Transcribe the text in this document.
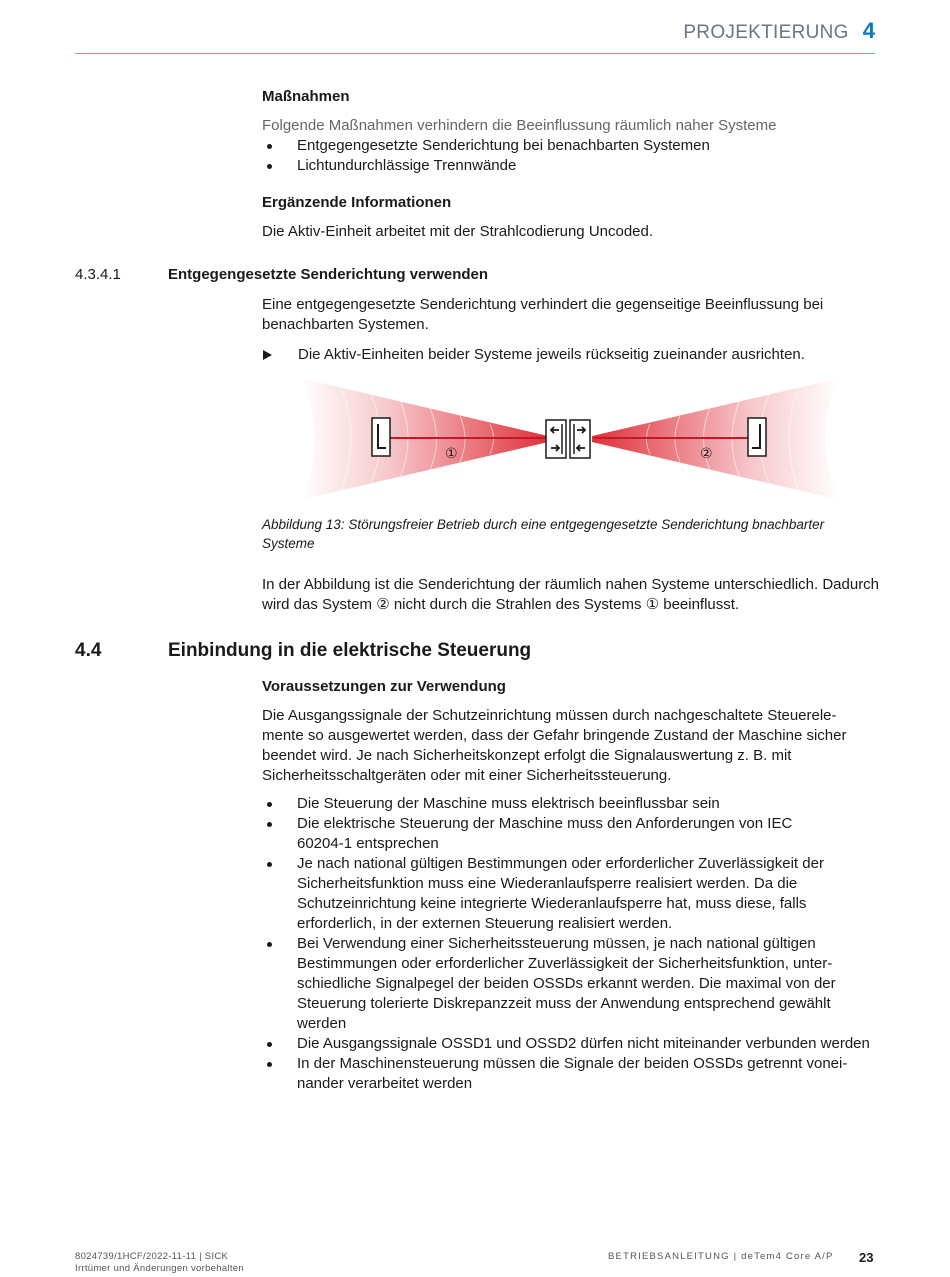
PROJEKTIERUNG 4
Maßnahmen
Folgende Maßnahmen verhindern die Beeinflussung räumlich naher Systeme
Entgegengesetzte Senderichtung bei benachbarten Systemen
Lichtundurchlässige Trennwände
Ergänzende Informationen
Die Aktiv-Einheit arbeitet mit der Strahlcodierung Uncoded.
4.3.4.1	Entgegengesetzte Senderichtung verwenden
Eine entgegengesetzte Senderichtung verhindert die gegenseitige Beeinflussung bei benachbarten Systemen.
Die Aktiv-Einheiten beider Systeme jeweils rückseitig zueinander ausrichten.
①	②
Abbildung 13: Störungsfreier Betrieb durch eine entgegengesetzte Senderichtung bnachbarter Systeme
In der Abbildung ist die Senderichtung der räumlich nahen Systeme unterschiedlich. Dadurch wird das System ② nicht durch die Strahlen des Systems ① beeinflusst.
4.4	Einbindung in die elektrische Steuerung
Voraussetzungen zur Verwendung
Die Ausgangssignale der Schutzeinrichtung müssen durch nachgeschaltete Steuerelemente so ausgewertet werden, dass der Gefahr bringende Zustand der Maschine sicher beendet wird. Je nach Sicherheitskonzept erfolgt die Signalauswertung z. B. mit Sicherheitsschaltgeräten oder mit einer Sicherheitssteuerung.
Die Steuerung der Maschine muss elektrisch beeinflussbar sein
Die elektrische Steuerung der Maschine muss den Anforderungen von IEC 60204-1 entsprechen
Je nach national gültigen Bestimmungen oder erforderlicher Zuverlässigkeit der Sicherheitsfunktion muss eine Wiederanlaufsperre realisiert werden. Da die Schutzeinrichtung keine integrierte Wiederanlaufsperre hat, muss diese, falls erforderlich, in der externen Steuerung realisiert werden.
Bei Verwendung einer Sicherheitssteuerung müssen, je nach national gültigen Bestimmungen oder erforderlicher Zuverlässigkeit der Sicherheitsfunktion, unterschiedliche Signalpegel der beiden OSSDs erkannt werden. Die maximal von der Steuerung tolerierte Diskrepanzzeit muss der Anwendung entsprechend gewählt werden
Die Ausgangssignale OSSD1 und OSSD2 dürfen nicht miteinander verbunden werden
In der Maschinensteuerung müssen die Signale der beiden OSSDs getrennt voneinander verarbeitet werden
8024739/1HCF/2022-11-11 | SICK
Irrtümer und Änderungen vorbehalten
BETRIEBSANLEITUNG | deTem4 Core A/P 23
